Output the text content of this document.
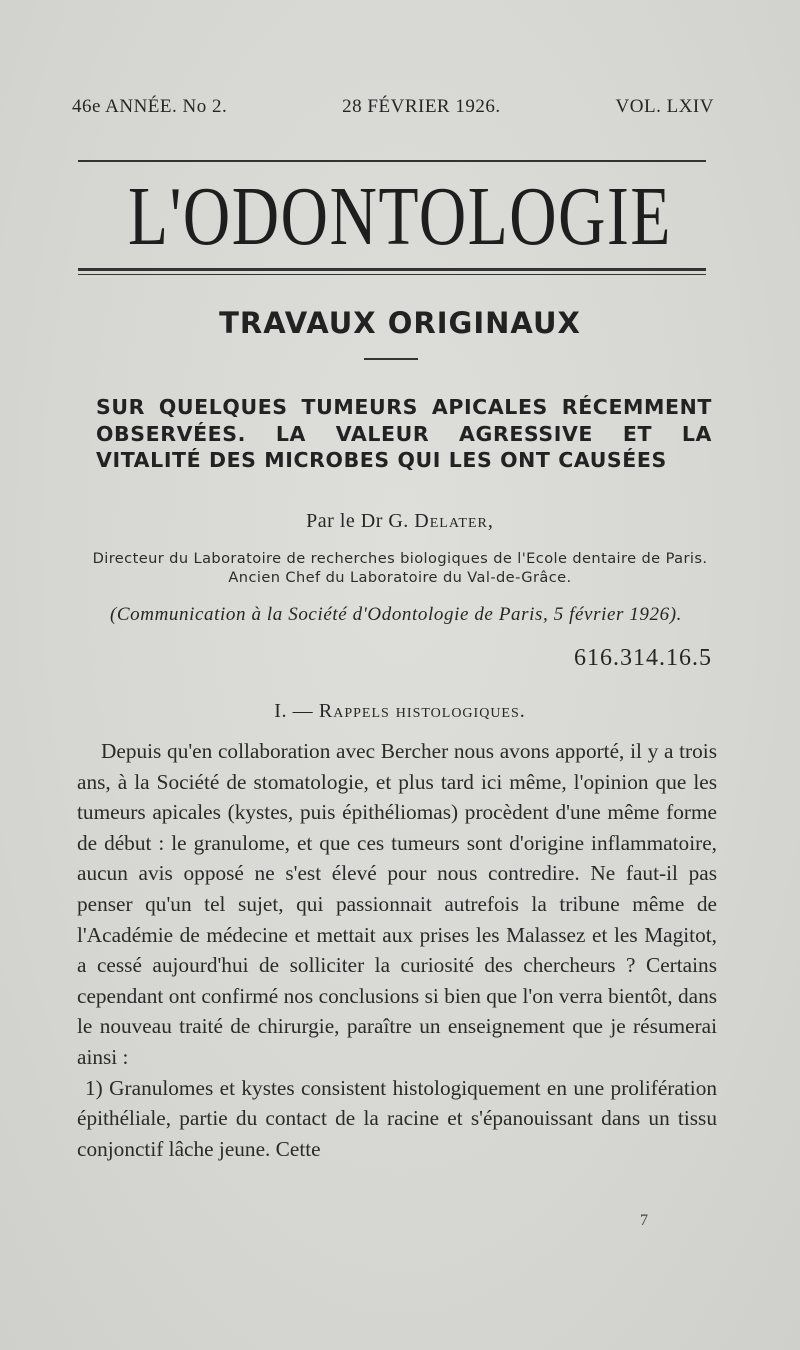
46e ANNÉE. No 2.	28 FÉVRIER 1926.	VOL. LXIV
L'ODONTOLOGIE
TRAVAUX ORIGINAUX
SUR QUELQUES TUMEURS APICALES RÉCEMMENT OBSERVÉES. LA VALEUR AGRESSIVE ET LA VITALITÉ DES MICROBES QUI LES ONT CAUSÉES
Par le Dr G. Delater,
Directeur du Laboratoire de recherches biologiques de l'Ecole dentaire de Paris.
Ancien Chef du Laboratoire du Val-de-Grâce.
(Communication à la Société d'Odontologie de Paris, 5 février 1926).
616.314.16.5
I. — Rappels histologiques.

Depuis qu'en collaboration avec Bercher nous avons apporté, il y a trois ans, à la Société de stomatologie, et plus tard ici même, l'opinion que les tumeurs apicales (kystes, puis épithéliomas) procèdent d'une même forme de début : le granulome, et que ces tumeurs sont d'origine inflammatoire, aucun avis opposé ne s'est élevé pour nous contredire. Ne faut-il pas penser qu'un tel sujet, qui passionnait autrefois la tribune même de l'Académie de médecine et mettait aux prises les Malassez et les Magitot, a cessé aujourd'hui de solliciter la curiosité des chercheurs ? Certains cependant ont confirmé nos conclusions si bien que l'on verra bientôt, dans le nouveau traité de chirurgie, paraître un enseignement que je résumerai ainsi :

1) Granulomes et kystes consistent histologiquement en une prolifération épithéliale, partie du contact de la racine et s'épanouissant dans un tissu conjonctif lâche jeune. Cette

7
